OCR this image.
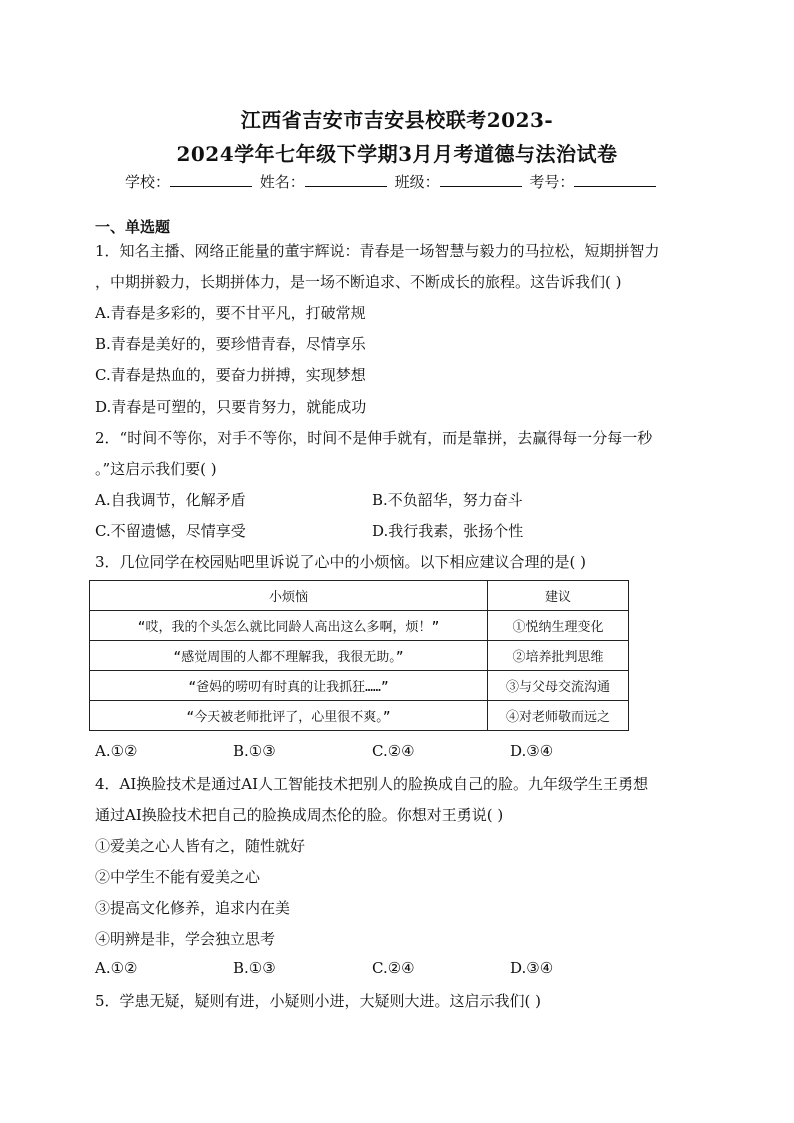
江西省吉安市吉安县校联考2023-
2024学年七年级下学期3月月考道德与法治试卷
学校：	姓名：	班级：	考号：
一、单选题
1．知名主播、网络正能量的董宇辉说：青春是一场智慧与毅力的马拉松，短期拼智力
，中期拼毅力，长期拼体力，是一场不断追求、不断成长的旅程。这告诉我们( )
A.青春是多彩的，要不甘平凡，打破常规
B.青春是美好的，要珍惜青春，尽情享乐
C.青春是热血的，要奋力拼搏，实现梦想
D.青春是可塑的，只要肯努力，就能成功
2．“时间不等你，对手不等你，时间不是伸手就有，而是靠拼，去赢得每一分每一秒
。”这启示我们要( )
A.自我调节，化解矛盾	B.不负韶华，努力奋斗
C.不留遗憾，尽情享受	D.我行我素，张扬个性
3．几位同学在校园贴吧里诉说了心中的小烦恼。以下相应建议合理的是( )
小烦恼	建议
“哎，我的个头怎么就比同龄人高出这么多啊，烦！”	①悦纳生理变化
“感觉周围的人都不理解我，我很无助。”	②培养批判思维
“爸妈的唠叨有时真的让我抓狂……”	③与父母交流沟通
“今天被老师批评了，心里很不爽。”	④对老师敬而远之
A.①②	B.①③	C.②④	D.③④
4．AI换脸技术是通过AI人工智能技术把别人的脸换成自己的脸。九年级学生王勇想
通过AI换脸技术把自己的脸换成周杰伦的脸。你想对王勇说( )
①爱美之心人皆有之，随性就好
②中学生不能有爱美之心
③提高文化修养，追求内在美
④明辨是非，学会独立思考
A.①②	B.①③	C.②④	D.③④
5．学患无疑，疑则有进，小疑则小进，大疑则大进。这启示我们( )
